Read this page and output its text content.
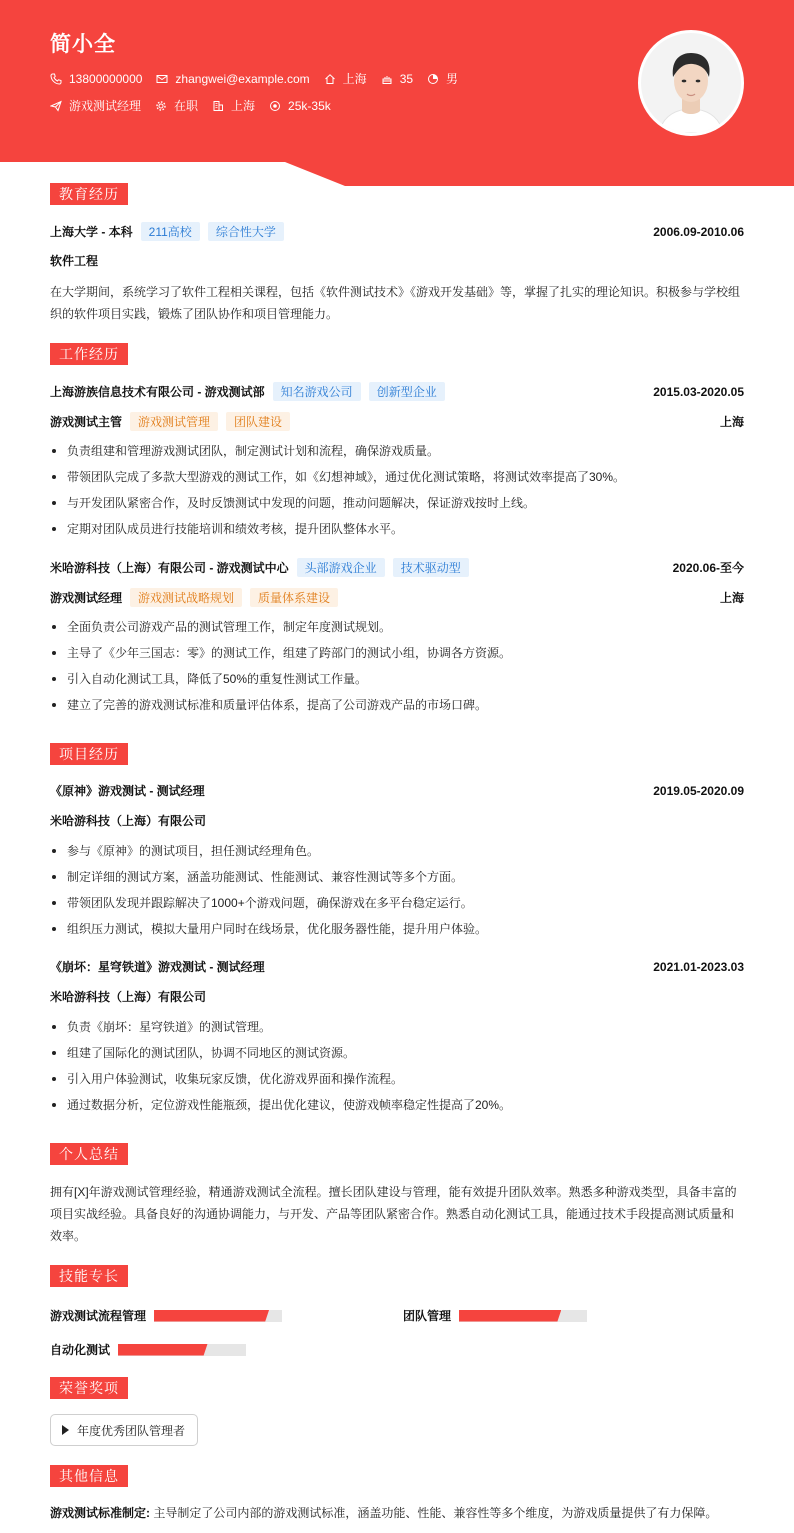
简小全
13800000000	zhangwei@example.com	上海	35	男
游戏测试经理	在职	上海	25k-35k
教育经历
上海大学 - 本科	211高校	综合性大学	2006.09-2010.06
软件工程
在大学期间，系统学习了软件工程相关课程，包括《软件测试技术》《游戏开发基础》等，掌握了扎实的理论知识。积极参与学校组织的软件项目实践，锻炼了团队协作和项目管理能力。
工作经历
上海游族信息技术有限公司 - 游戏测试部	知名游戏公司	创新型企业	2015.03-2020.05
游戏测试主管	游戏测试管理	团队建设	上海
负责组建和管理游戏测试团队，制定测试计划和流程，确保游戏质量。
带领团队完成了多款大型游戏的测试工作，如《幻想神域》，通过优化测试策略，将测试效率提高了30%。
与开发团队紧密合作，及时反馈测试中发现的问题，推动问题解决，保证游戏按时上线。
定期对团队成员进行技能培训和绩效考核，提升团队整体水平。
米哈游科技（上海）有限公司 - 游戏测试中心	头部游戏企业	技术驱动型	2020.06-至今
游戏测试经理	游戏测试战略规划	质量体系建设	上海
全面负责公司游戏产品的测试管理工作，制定年度测试规划。
主导了《少年三国志：零》的测试工作，组建了跨部门的测试小组，协调各方资源。
引入自动化测试工具，降低了50%的重复性测试工作量。
建立了完善的游戏测试标准和质量评估体系，提高了公司游戏产品的市场口碑。
项目经历
《原神》游戏测试 - 测试经理	2019.05-2020.09
米哈游科技（上海）有限公司
参与《原神》的测试项目，担任测试经理角色。
制定详细的测试方案，涵盖功能测试、性能测试、兼容性测试等多个方面。
带领团队发现并跟踪解决了1000+个游戏问题，确保游戏在多平台稳定运行。
组织压力测试，模拟大量用户同时在线场景，优化服务器性能，提升用户体验。
《崩坏：星穹铁道》游戏测试 - 测试经理	2021.01-2023.03
米哈游科技（上海）有限公司
负责《崩坏：星穹铁道》的测试管理。
组建了国际化的测试团队，协调不同地区的测试资源。
引入用户体验测试，收集玩家反馈，优化游戏界面和操作流程。
通过数据分析，定位游戏性能瓶颈，提出优化建议，使游戏帧率稳定性提高了20%。
个人总结
拥有[X]年游戏测试管理经验，精通游戏测试全流程。擅长团队建设与管理，能有效提升团队效率。熟悉多种游戏类型，具备丰富的项目实战经验。具备良好的沟通协调能力，与开发、产品等团队紧密合作。熟悉自动化测试工具，能通过技术手段提高测试质量和效率。
技能专长
游戏测试流程管理	团队管理
自动化测试
荣誉奖项
年度优秀团队管理者
其他信息
游戏测试标准制定: 主导制定了公司内部的游戏测试标准，涵盖功能、性能、兼容性等多个维度，为游戏质量提供了有力保障。
